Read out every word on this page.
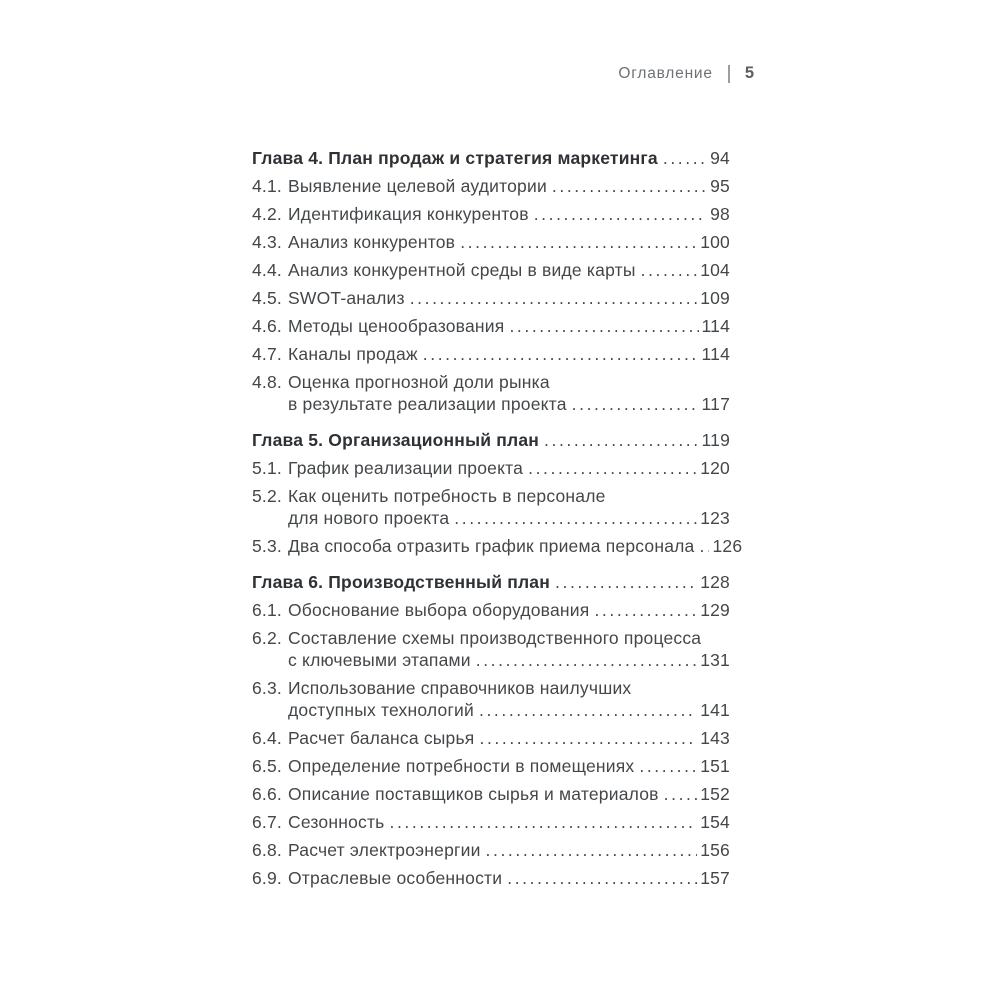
Оглавление 5
Глава 4. План продаж и стратегия маркетинга .....	94
4.1. Выявление целевой аудитории .....	95
4.2. Идентификация конкурентов .....	98
4.3. Анализ конкурентов .....	100
4.4. Анализ конкурентной среды в виде карты .....	104
4.5. SWOT-анализ .....	109
4.6. Методы ценообразования .....	114
4.7. Каналы продаж .....	114
4.8. Оценка прогнозной доли рынка
в результате реализации проекта .....	117
Глава 5. Организационный план .....	119
5.1. График реализации проекта .....	120
5.2. Как оценить потребность в персонале
для нового проекта .....	123
5.3. Два способа отразить график приема персонала ..... 126
Глава 6. Производственный план .....	128
6.1. Обоснование выбора оборудования .....	129
6.2. Составление схемы производственного процесса
с ключевыми этапами .....	131
6.3. Использование справочников наилучших
доступных технологий .....	141
6.4. Расчет баланса сырья .....	143
6.5. Определение потребности в помещениях .....	151
6.6. Описание поставщиков сырья и материалов ..... 152
6.7. Сезонность .....	154
6.8. Расчет электроэнергии .....	156
6.9. Отраслевые особенности .....	157
